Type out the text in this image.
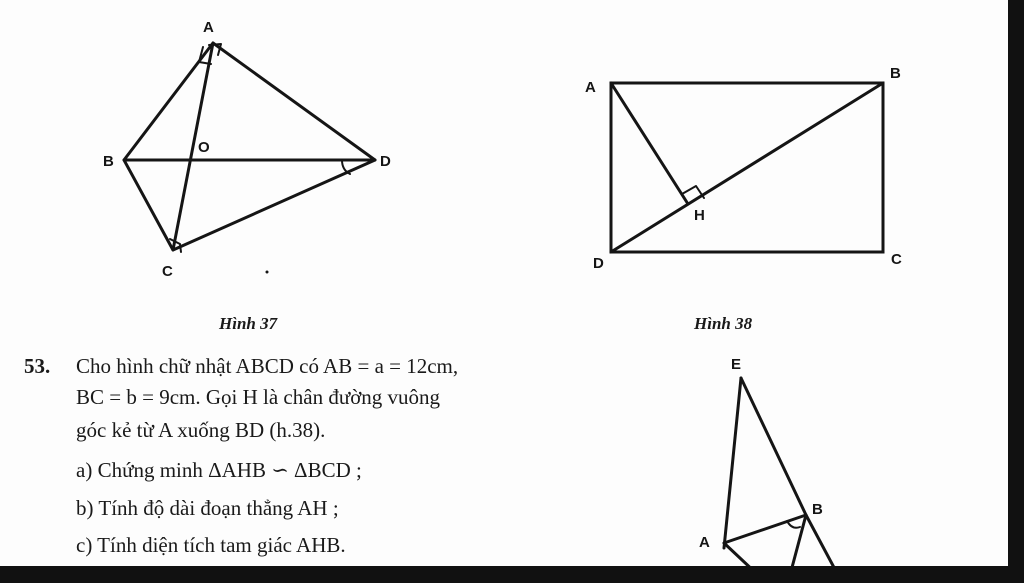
A
B
C
D
O
A
B
C
D
H
E
B
A
Hình 37	Hình 38
53. Cho hình chữ nhật ABCD có AB = a = 12cm,
BC = b = 9cm. Gọi H là chân đường vuông
góc kẻ từ A xuống BD (h.38).
a) Chứng minh ΔAHB ∽ ΔBCD ;
b) Tính độ dài đoạn thẳng AH ;
c) Tính diện tích tam giác AHB.
